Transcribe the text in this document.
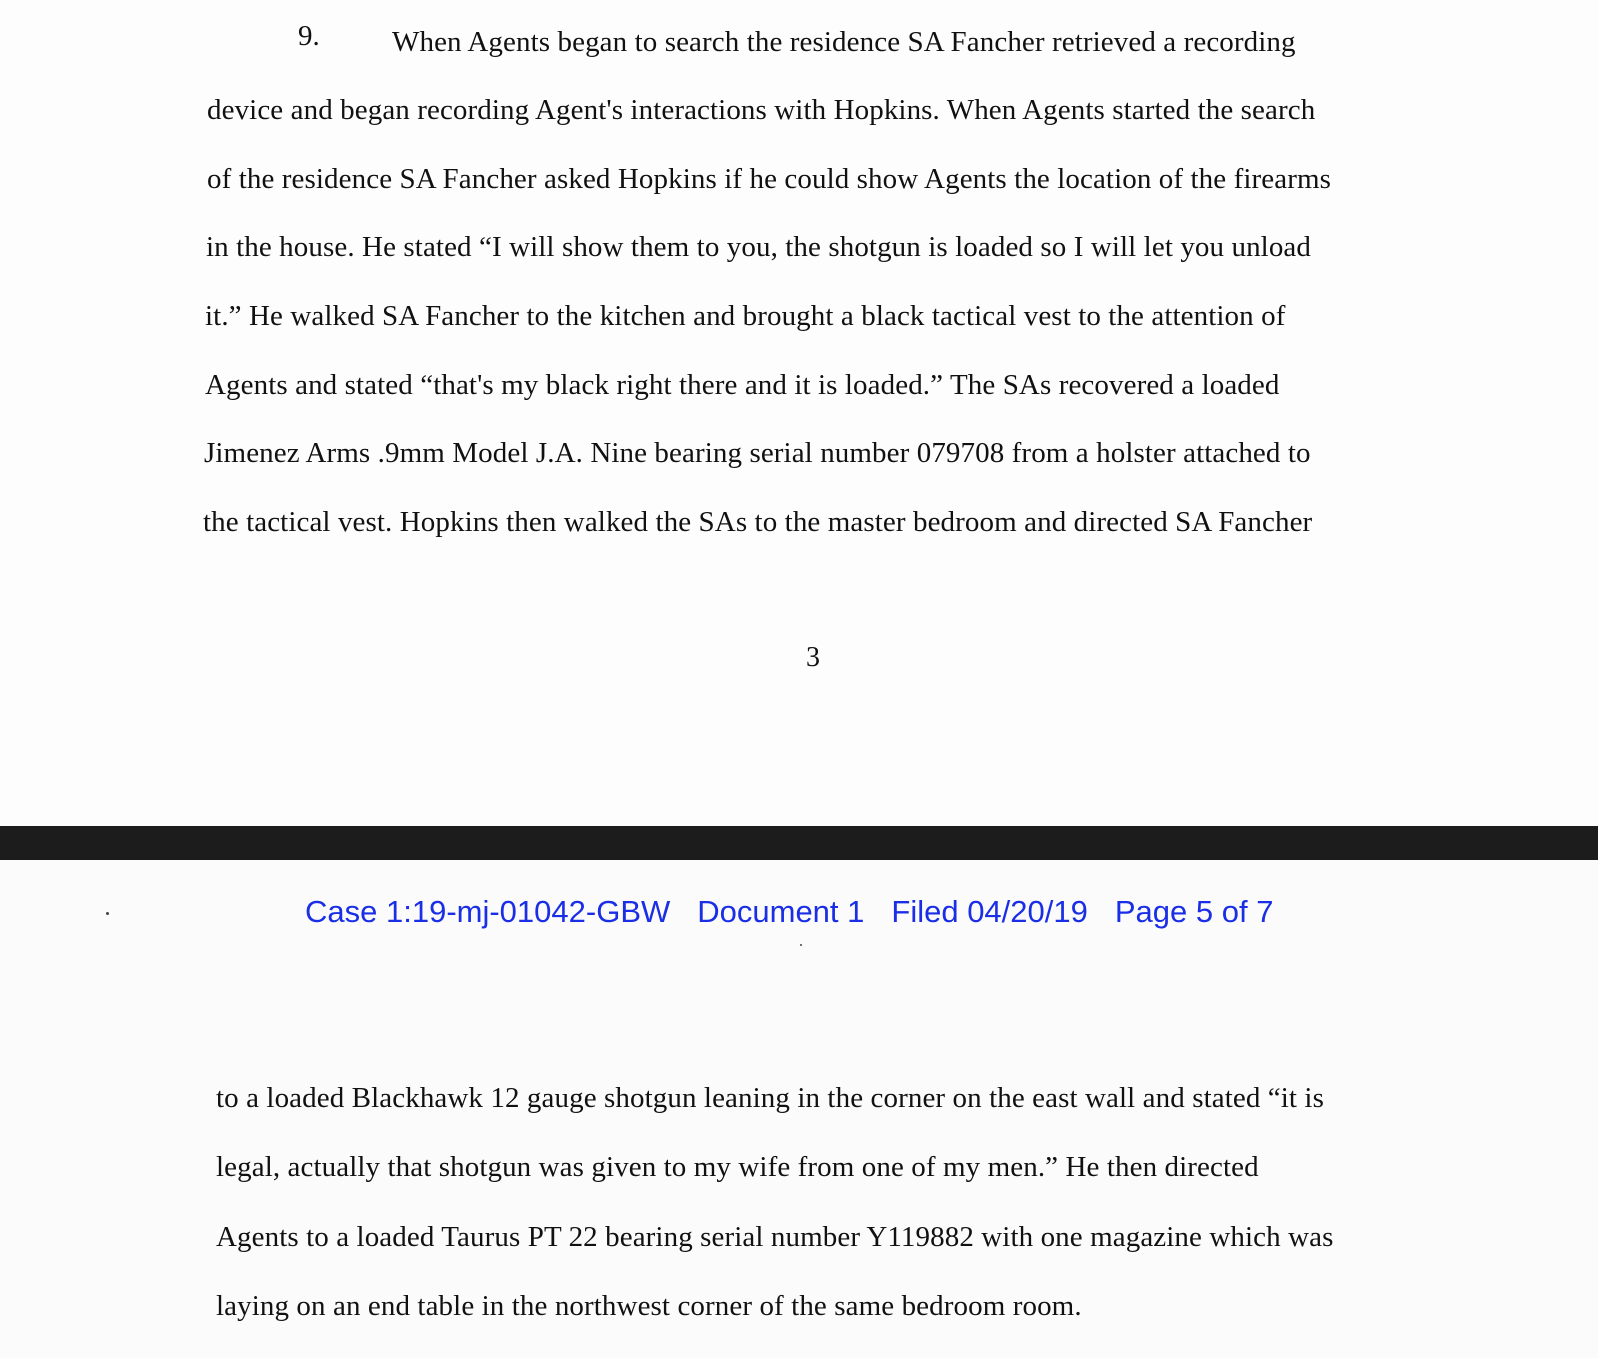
9. When Agents began to search the residence SA Fancher retrieved a recording
device and began recording Agent's interactions with Hopkins. When Agents started the search
of the residence SA Fancher asked Hopkins if he could show Agents the location of the firearms
in the house. He stated “I will show them to you, the shotgun is loaded so I will let you unload
it.” He walked SA Fancher to the kitchen and brought a black tactical vest to the attention of
Agents and stated “that's my black right there and it is loaded.” The SAs recovered a loaded
Jimenez Arms .9mm Model J.A. Nine bearing serial number 079708 from a holster attached to
the tactical vest. Hopkins then walked the SAs to the master bedroom and directed SA Fancher
3
to a loaded Blackhawk 12 gauge shotgun leaning in the corner on the east wall and stated “it is
legal, actually that shotgun was given to my wife from one of my men.” He then directed
Agents to a loaded Taurus PT 22 bearing serial number Y119882 with one magazine which was
laying on an end table in the northwest corner of the same bedroom room.
Case 1:19-mj-01042-GBW Document 1 Filed 04/20/19 Page 5 of 7
